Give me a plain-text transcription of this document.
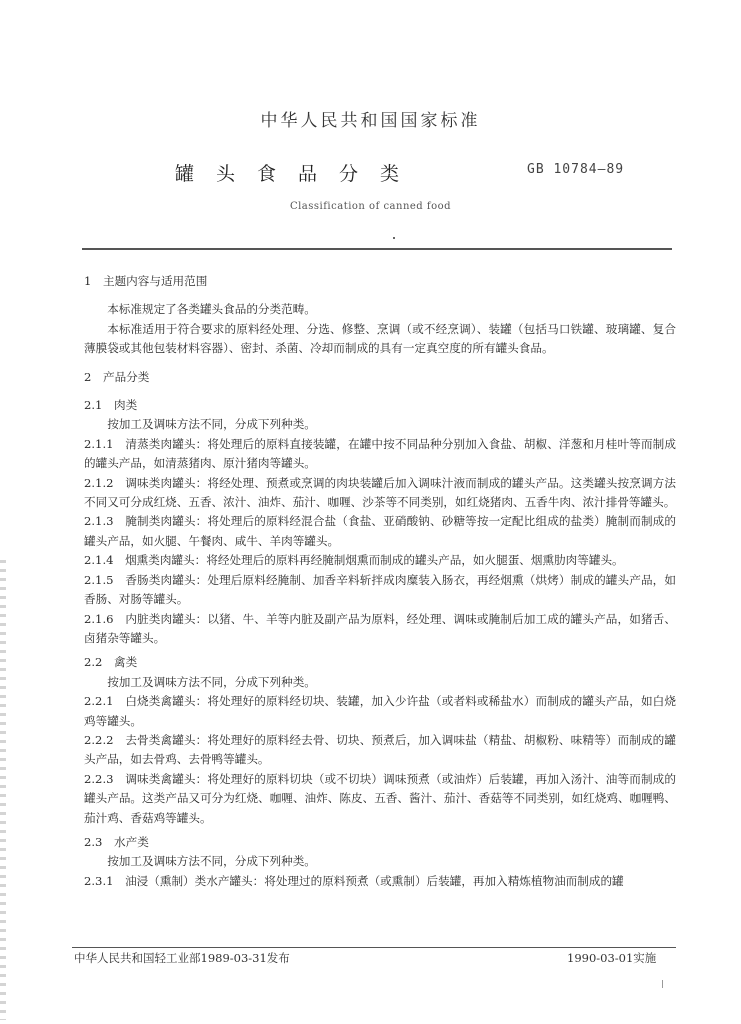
中华人民共和国国家标准
罐头食品分类	GB 10784—89
Classification of canned food

1　主题内容与适用范围

本标准规定了各类罐头食品的分类范畴。

本标准适用于符合要求的原料经处理、分选、修整、烹调（或不经烹调）、装罐（包括马口铁罐、玻璃罐、复合薄膜袋或其他包装材料容器）、密封、杀菌、冷却而制成的具有一定真空度的所有罐头食品。

2　产品分类

2.1　肉类

按加工及调味方法不同，分成下列种类。

2.1.1　清蒸类肉罐头：将处理后的原料直接装罐，在罐中按不同品种分别加入食盐、胡椒、洋葱和月桂叶等而制成的罐头产品，如清蒸猪肉、原汁猪肉等罐头。

2.1.2　调味类肉罐头：将经处理、预煮或烹调的肉块装罐后加入调味汁液而制成的罐头产品。这类罐头按烹调方法不同又可分成红烧、五香、浓汁、油炸、茄汁、咖喱、沙茶等不同类别，如红烧猪肉、五香牛肉、浓汁排骨等罐头。

2.1.3　腌制类肉罐头：将处理后的原料经混合盐（食盐、亚硝酸钠、砂糖等按一定配比组成的盐类）腌制而制成的罐头产品，如火腿、午餐肉、咸牛、羊肉等罐头。

2.1.4　烟熏类肉罐头：将经处理后的原料再经腌制烟熏而制成的罐头产品，如火腿蛋、烟熏肋肉等罐头。

2.1.5　香肠类肉罐头：处理后原料经腌制、加香辛料斩拌成肉糜装入肠衣，再经烟熏（烘烤）制成的罐头产品，如香肠、对肠等罐头。

2.1.6　内脏类肉罐头：以猪、牛、羊等内脏及副产品为原料，经处理、调味或腌制后加工成的罐头产品，如猪舌、卤猪杂等罐头。

2.2　禽类

按加工及调味方法不同，分成下列种类。

2.2.1　白烧类禽罐头：将处理好的原料经切块、装罐，加入少许盐（或者料或稀盐水）而制成的罐头产品，如白烧鸡等罐头。

2.2.2　去骨类禽罐头：将处理好的原料经去骨、切块、预煮后，加入调味盐（精盐、胡椒粉、味精等）而制成的罐头产品，如去骨鸡、去骨鸭等罐头。

2.2.3　调味类禽罐头：将处理好的原料切块（或不切块）调味预煮（或油炸）后装罐，再加入汤汁、油等而制成的罐头产品。这类产品又可分为红烧、咖喱、油炸、陈皮、五香、酱汁、茄汁、香菇等不同类别，如红烧鸡、咖喱鸭、茄汁鸡、香菇鸡等罐头。

2.3　水产类

按加工及调味方法不同，分成下列种类。

2.3.1　油浸（熏制）类水产罐头：将处理过的原料预煮（或熏制）后装罐，再加入精炼植物油而制成的罐

中华人民共和国轻工业部1989-03-31发布	1990-03-01实施
